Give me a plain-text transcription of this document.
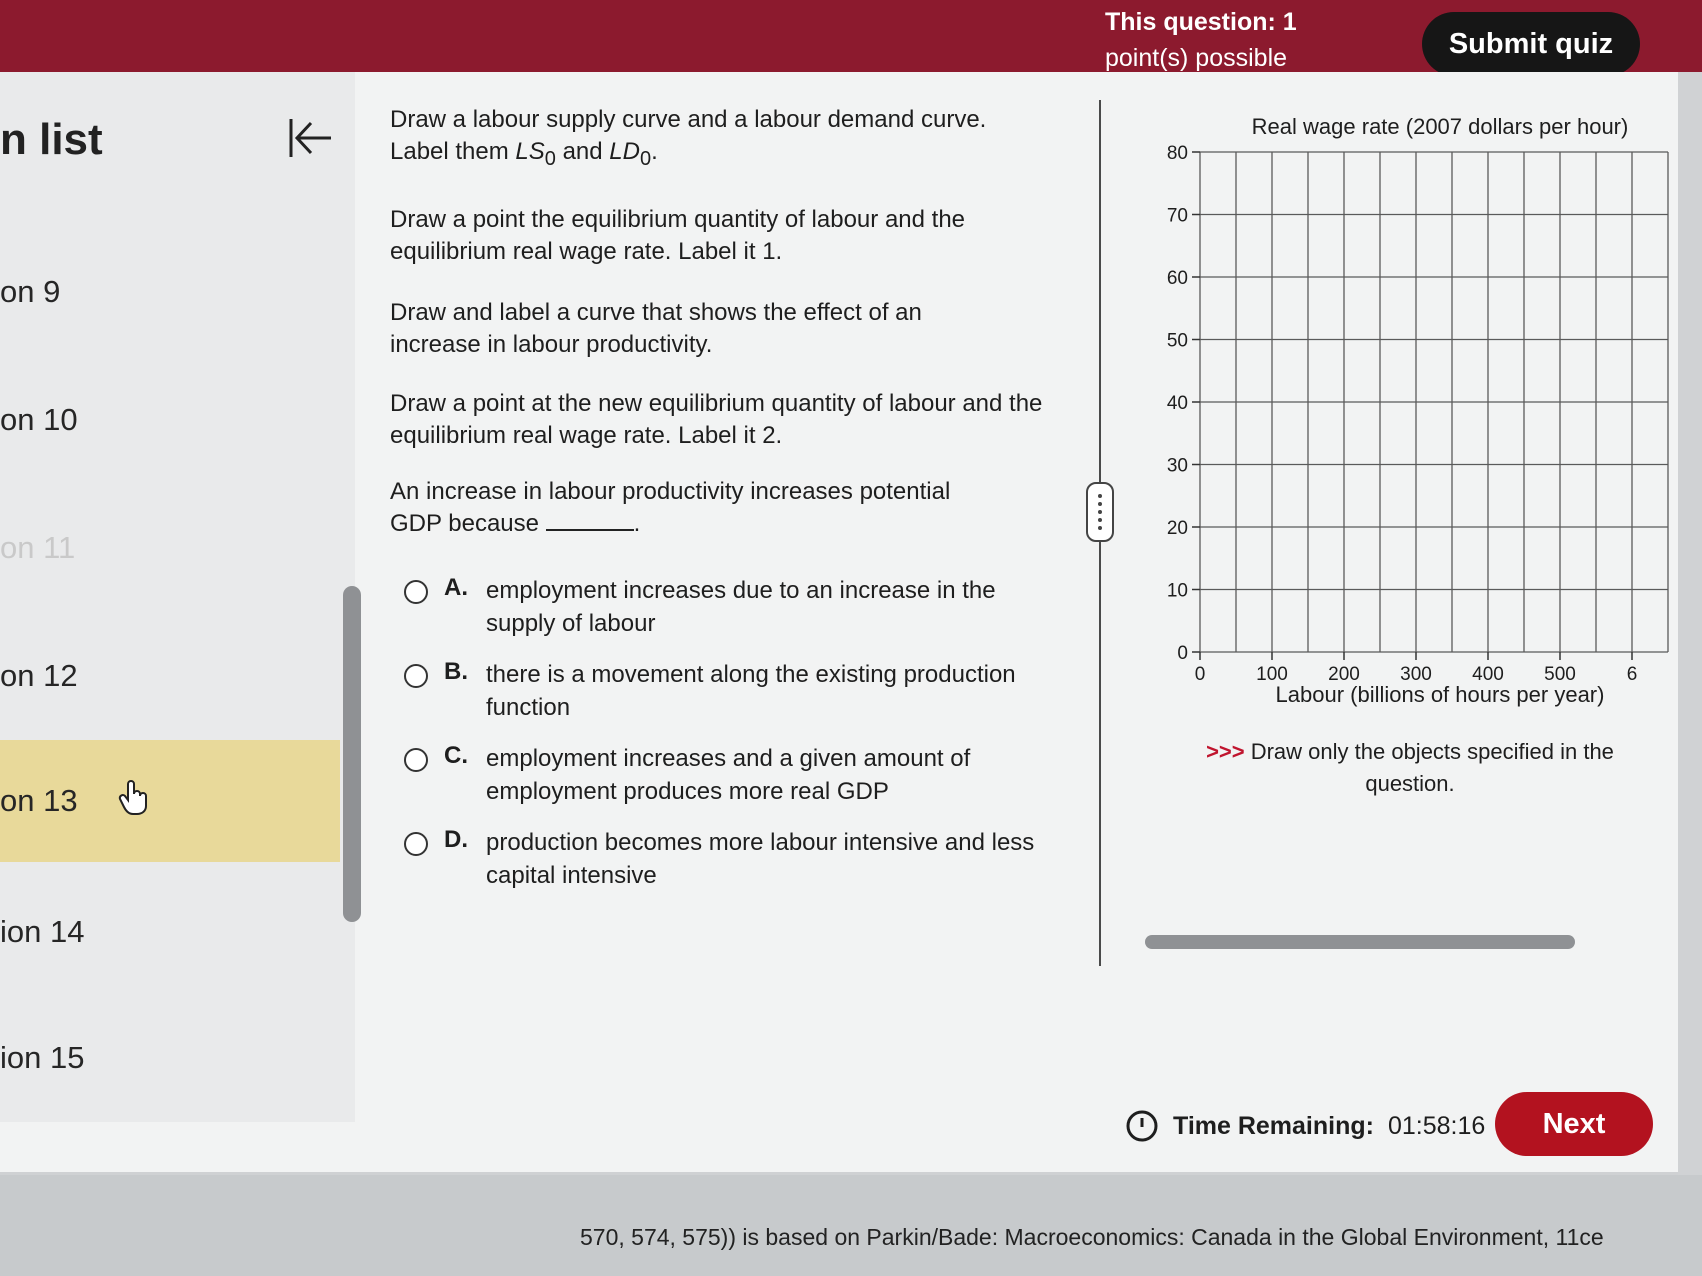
This question: 1
point(s) possible	Submit quiz
n list
on 9
on 10
on 11
on 12
on 13
ion 14
ion 15
Draw a labour supply curve and a labour demand curve.
Label them $LS_0$ and $LD_0$.
Draw a point the equilibrium quantity of labour and the equilibrium real wage rate. Label it 1.
Draw and label a curve that shows the effect of an increase in labour productivity.
Draw a point at the new equilibrium quantity of labour and the equilibrium real wage rate. Label it 2.
An increase in labour productivity increases potential
GDP because	.
A. employment increases due to an increase in the supply of labour
B. there is a movement along the existing production function
C. employment increases and a given amount of employment produces more real GDP
D. production becomes more labour intensive and less capital intensive
Real wage rate (2007 dollars per hour)
0
10
20
30
40
50
60
70
80
0	100 200 300 400 500	6
Labour (billions of hours per year)
>>> Draw only the objects specified in the question.
Time Remaining: 01:58:16	Next
570, 574, 575)) is based on Parkin/Bade: Macroeconomics: Canada in the Global Environment, 11ce
